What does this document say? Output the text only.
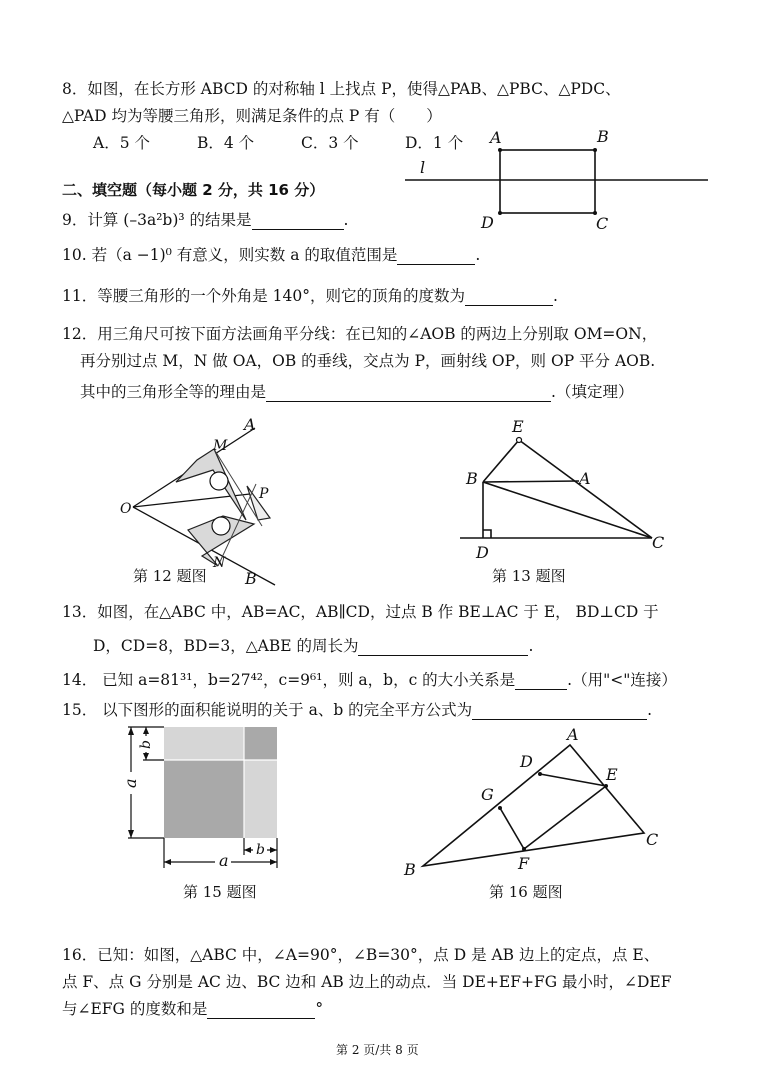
8．如图，在长方形 ABCD 的对称轴 l 上找点 P，使得△PAB、△PBC、△PDC、
△PAD 均为等腰三角形，则满足条件的点 P 有（　　）
A．5 个	B．4 个	C．3 个	D．1 个 A	B
l
D	C
二、填空题（每小题 2 分，共 16 分）
9．计算 (–3a²b)³ 的结果是	.
10. 若（a −1)⁰ 有意义，则实数 a 的取值范围是	.
11．等腰三角形的一个外角是 140°，则它的顶角的度数为	.
12．用三角尺可按下面方法画角平分线：在已知的∠AOB 的两边上分别取 OM=ON，
再分别过点 M，N 做 OA，OB 的垂线，交点为 P，画射线 OP，则 OP 平分 AOB.
其中的三角形全等的理由是	.（填定理）
A
M
O
P
N
B
第 12 题图
E
A
B
D
C
第 13 题图
13．如图，在△ABC 中，AB=AC，AB∥CD，过点 B 作 BE⊥AC 于 E， BD⊥CD 于
D，CD=8，BD=3，△ABE 的周长为	.
14． 已知 a=81³¹，b=27⁴²，c=9⁶¹，则 a，b，c 的大小关系是	.（用"<"连接）
15． 以下图形的面积能说明的关于 a、b 的完全平方公式为	.
a
b
a
b
第 15 题图
A
D
E
G
C
F
B
第 16 题图
16．已知：如图，△ABC 中，∠A=90°，∠B=30°，点 D 是 AB 边上的定点，点 E、
点 F、点 G 分别是 AC 边、BC 边和 AB 边上的动点．当 DE+EF+FG 最小时，∠DEF
与∠EFG 的度数和是	°
第 2 页/共 8 页
